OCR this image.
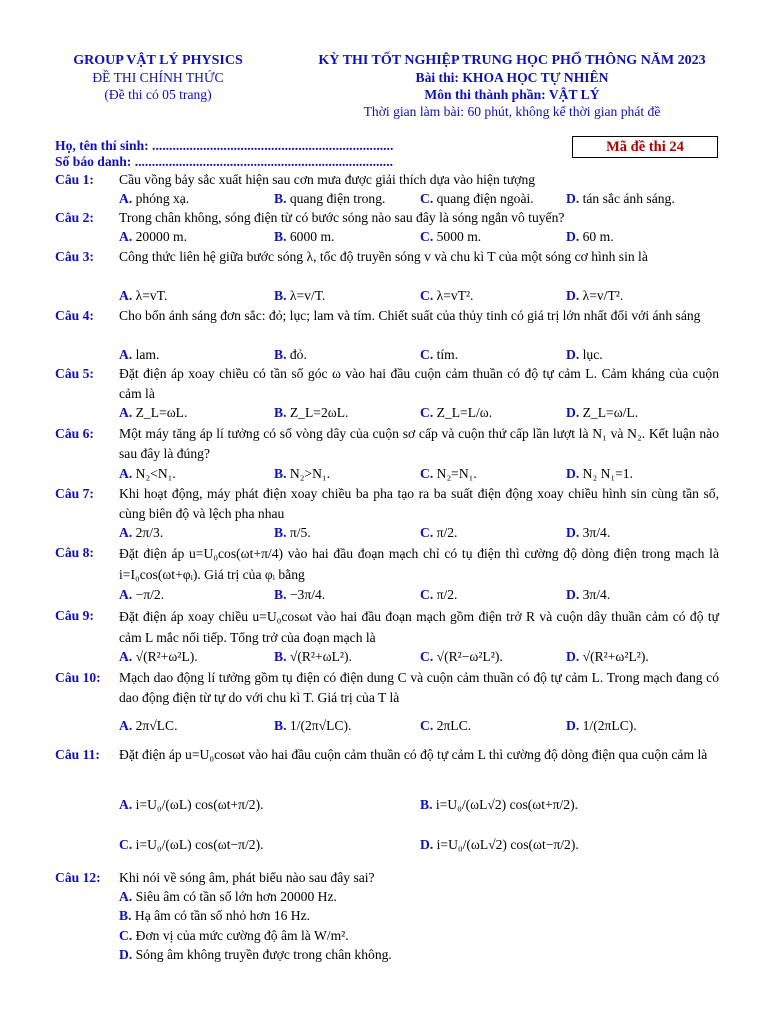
GROUP VẬT LÝ PHYSICS
ĐỀ THI CHÍNH THỨC
(Đề thi có 05 trang)
KỲ THI TỐT NGHIỆP TRUNG HỌC PHỔ THÔNG NĂM 2023
Bài thi: KHOA HỌC TỰ NHIÊN
Môn thi thành phần: VẬT LÝ
Thời gian làm bài: 60 phút, không kể thời gian phát đề
Họ, tên thí sinh: .......................................................................
Số báo danh: ............................................................................
Mã đề thi 24
Câu 1: Cầu vồng bảy sắc xuất hiện sau cơn mưa được giải thích dựa vào hiện tượng
A. phóng xạ.	B. quang điện trong.	C. quang điện ngoài. D. tán sắc ánh sáng.
Câu 2: Trong chân không, sóng điện từ có bước sóng nào sau đây là sóng ngắn vô tuyến?
A. 20000 m.	B. 6000 m.	C. 5000 m.	D. 60 m.
Câu 3: Công thức liên hệ giữa bước sóng λ, tốc độ truyền sóng v và chu kì T của một sóng cơ hình sin là
A. λ=vT.	B. λ=v/T.	C. λ=vT².	D. λ=v/T².
Câu 4: Cho bốn ánh sáng đơn sắc: đỏ; lục; lam và tím. Chiết suất của thủy tinh có giá trị lớn nhất đối với ánh sáng
A. lam.	B. đỏ.	C. tím.	D. lục.
Câu 5: Đặt điện áp xoay chiều có tần số góc ω vào hai đầu cuộn cảm thuần có độ tự cảm L. Cảm kháng của cuộn cảm là
A. Z_L=ωL.	B. Z_L=2ωL.	C. Z_L=L/ω.	D. Z_L=ω/L.
Câu 6: Một máy tăng áp lí tưởng có số vòng dây của cuộn sơ cấp và cuộn thứ cấp lần lượt là N₁ và N₂. Kết luận nào sau đây là đúng?
A. N₂<N₁.	B. N₂>N₁.	C. N₂=N₁.	D. N₂ N₁=1.
Câu 7: Khi hoạt động, máy phát điện xoay chiều ba pha tạo ra ba suất điện động xoay chiều hình sin cùng tần số, cùng biên độ và lệch pha nhau
A. 2π/3.	B. π/5.	C. π/2.	D. 3π/4.
Câu 8: Đặt điện áp u=U₀cos(ωt+π/4) vào hai đầu đoạn mạch chỉ có tụ điện thì cường độ dòng điện trong mạch là i=I₀cos(ωt+φᵢ). Giá trị của φᵢ bằng
A. −π/2.	B. −3π/4.	C. π/2.	D. 3π/4.
Câu 9: Đặt điện áp xoay chiều u=U₀cosωt vào hai đầu đoạn mạch gồm điện trở R và cuộn dây thuần cảm có độ tự cảm L mắc nối tiếp. Tổng trở của đoạn mạch là
A. √(R²+ω²L).	B. √(R²+ωL²).	C. √(R²−ω²L²).	D. √(R²+ω²L²).
Câu 10: Mạch dao động lí tưởng gồm tụ điện có điện dung C và cuộn cảm thuần có độ tự cảm L. Trong mạch đang có dao động điện từ tự do với chu kì T. Giá trị của T là
A. 2π√LC.	B. 1/(2π√LC).	C. 2πLC.	D. 1/(2πLC).
Câu 11: Đặt điện áp u=U₀cosωt vào hai đầu cuộn cảm thuần có độ tự cảm L thì cường độ dòng điện qua cuộn cảm là
A. i=U₀/(ωL) cos(ωt+π/2).	B. i=U₀/(ωL√2) cos(ωt+π/2).
C. i=U₀/(ωL) cos(ωt−π/2).	D. i=U₀/(ωL√2) cos(ωt−π/2).
Câu 12: Khi nói về sóng âm, phát biểu nào sau đây sai?
A. Siêu âm có tần số lớn hơn 20000 Hz.
B. Hạ âm có tần số nhỏ hơn 16 Hz.
C. Đơn vị của mức cường độ âm là W/m².
D. Sóng âm không truyền được trong chân không.
